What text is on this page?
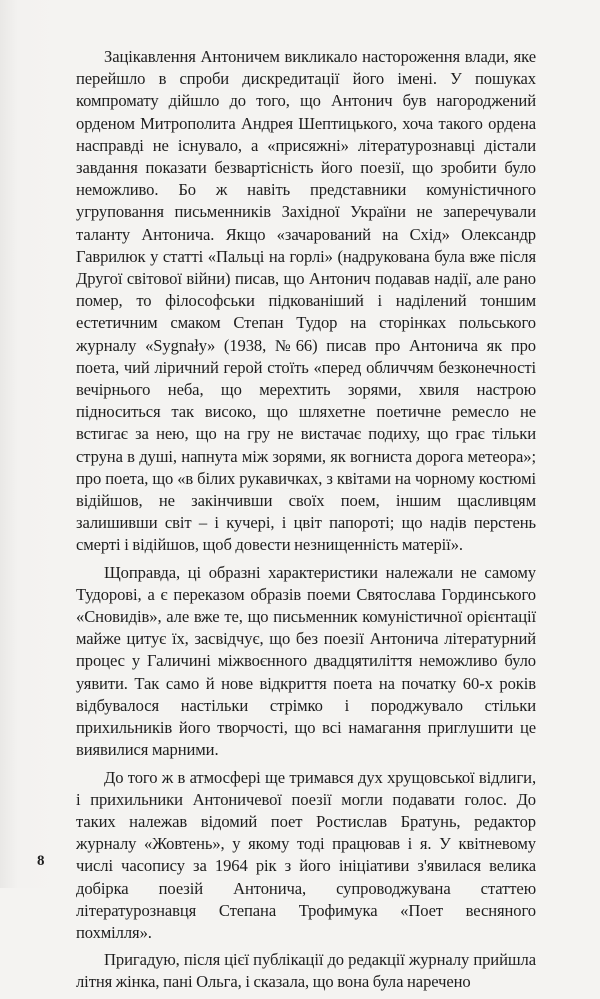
Зацікавлення Антоничем викликало настороження влади, яке перейшло в спроби дискредитації його імені. У пошуках компромату дійшло до того, що Антонич був нагороджений орденом Митрополита Андрея Шептицького, хоча такого ордена насправді не існувало, а «присяжні» літературознавці дістали завдання показати безвартісність його поезії, що зробити було неможливо. Бо ж навіть представники комуністичного угруповання письменників Західної України не заперечували таланту Антонича. Якщо «зачарований на Схід» Олександр Гаврилюк у статті «Пальці на горлі» (надрукована була вже після Другої світової війни) писав, що Антонич подавав надії, але рано помер, то філософськи підкованіший і наділений тоншим естетичним смаком Степан Тудор на сторінках польського журналу «Sygnały» (1938, №66) писав про Антонича як про поета, чий ліричний герой стоїть «перед обличчям безконечності вечірнього неба, що мерехтить зорями, хвиля настрою підноситься так високо, що шляхетне поетичне ремесло не встигає за нею, що на гру не вистачає подиху, що грає тільки струна в душі, напнута між зорями, як вогниста дорога метеора»; про поета, що «в білих рукавичках, з квітами на чорному костюмі відійшов, не закінчивши своїх поем, іншим щасливцям залишивши світ – і кучері, і цвіт папороті; що надів перстень смерті і відійшов, щоб довести незнищенність матерії».

Щоправда, ці образні характеристики належали не самому Тудорові, а є переказом образів поеми Святослава Гординського «Сновидів», але вже те, що письменник комуністичної орієнтації майже цитує їх, засвідчує, що без поезії Антонича літературний процес у Галичині міжвоєнного двадцятиліття неможливо було уявити. Так само й нове відкриття поета на початку 60-х років відбувалося настільки стрімко і породжувало стільки прихильників його творчості, що всі намагання приглушити це виявилися марними.

До того ж в атмосфері ще тримався дух хрущовської відлиги, і прихильники Антоничевої поезії могли подавати голос. До таких належав відомий поет Ростислав Братунь, редактор журналу «Жовтень», у якому тоді працював і я. У квітневому числі часопису за 1964 рік з його ініціативи з'явилася велика добірка поезій Антонича, супроводжувана статтею літературознавця Степана Трофимука «Поет весняного похмілля».

Пригадую, після цієї публікації до редакції журналу прийшла літня жінка, пані Ольга, і сказала, що вона була наречено

8
